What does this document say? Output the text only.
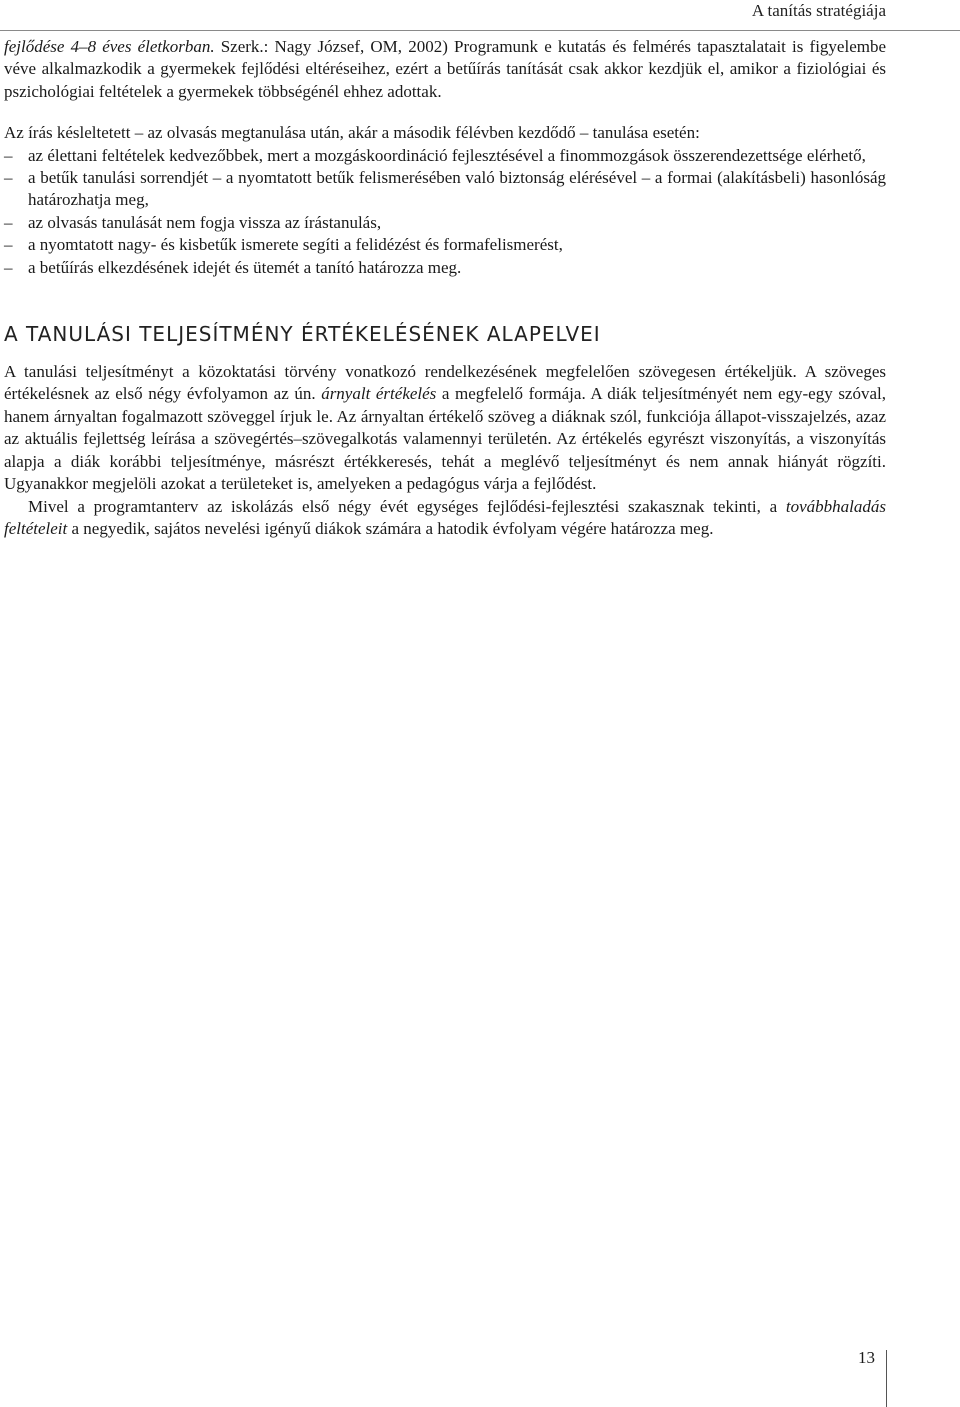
A tanítás stratégiája

fejlődése 4–8 éves életkorban. Szerk.: Nagy József, OM, 2002) Programunk e kutatás és felmérés tapasztalatait is figyelembe véve alkalmazkodik a gyermekek fejlődési eltéréseihez, ezért a betűírás tanítását csak akkor kezdjük el, amikor a fiziológiai és pszichológiai feltételek a gyermekek többségénél ehhez adottak.

Az írás késleltetett – az olvasás megtanulása után, akár a második félévben kezdődő – tanulása esetén:

– az élettani feltételek kedvezőbbek, mert a mozgáskoordináció fejlesztésével a finommozgások összerendezettsége elérhető,
– a betűk tanulási sorrendjét – a nyomtatott betűk felismerésében való biztonság elérésével – a formai (alakításbeli) hasonlóság határozhatja meg,
– az olvasás tanulását nem fogja vissza az írástanulás,
– a nyomtatott nagy- és kisbetűk ismerete segíti a felidézést és formafelismerést,
– a betűírás elkezdésének idejét és ütemét a tanító határozza meg.
A TANULÁSI TELJESÍTMÉNY ÉRTÉKELÉSÉNEK ALAPELVEI

A tanulási teljesítményt a közoktatási törvény vonatkozó rendelkezésének megfelelően szövegesen értékeljük. A szöveges értékelésnek az első négy évfolyamon az ún. árnyalt értékelés a megfelelő formája. A diák teljesítményét nem egy-egy szóval, hanem árnyaltan fogalmazott szöveggel írjuk le. Az árnyaltan értékelő szöveg a diáknak szól, funkciója állapot-visszajelzés, azaz az aktuális fejlettség leírása a szövegértés–szövegalkotás valamennyi területén. Az értékelés egyrészt viszonyítás, a viszonyítás alapja a diák korábbi teljesítménye, másrészt értékkeresés, tehát a meglévő teljesítményt és nem annak hiányát rögzíti. Ugyanakkor megjelöli azokat a területeket is, amelyeken a pedagógus várja a fejlődést.

Mivel a programtanterv az iskolázás első négy évét egységes fejlődési-fejlesztési szakasznak tekinti, a továbbhaladás feltételeit a negyedik, sajátos nevelési igényű diákok számára a hatodik évfolyam végére határozza meg.

13
